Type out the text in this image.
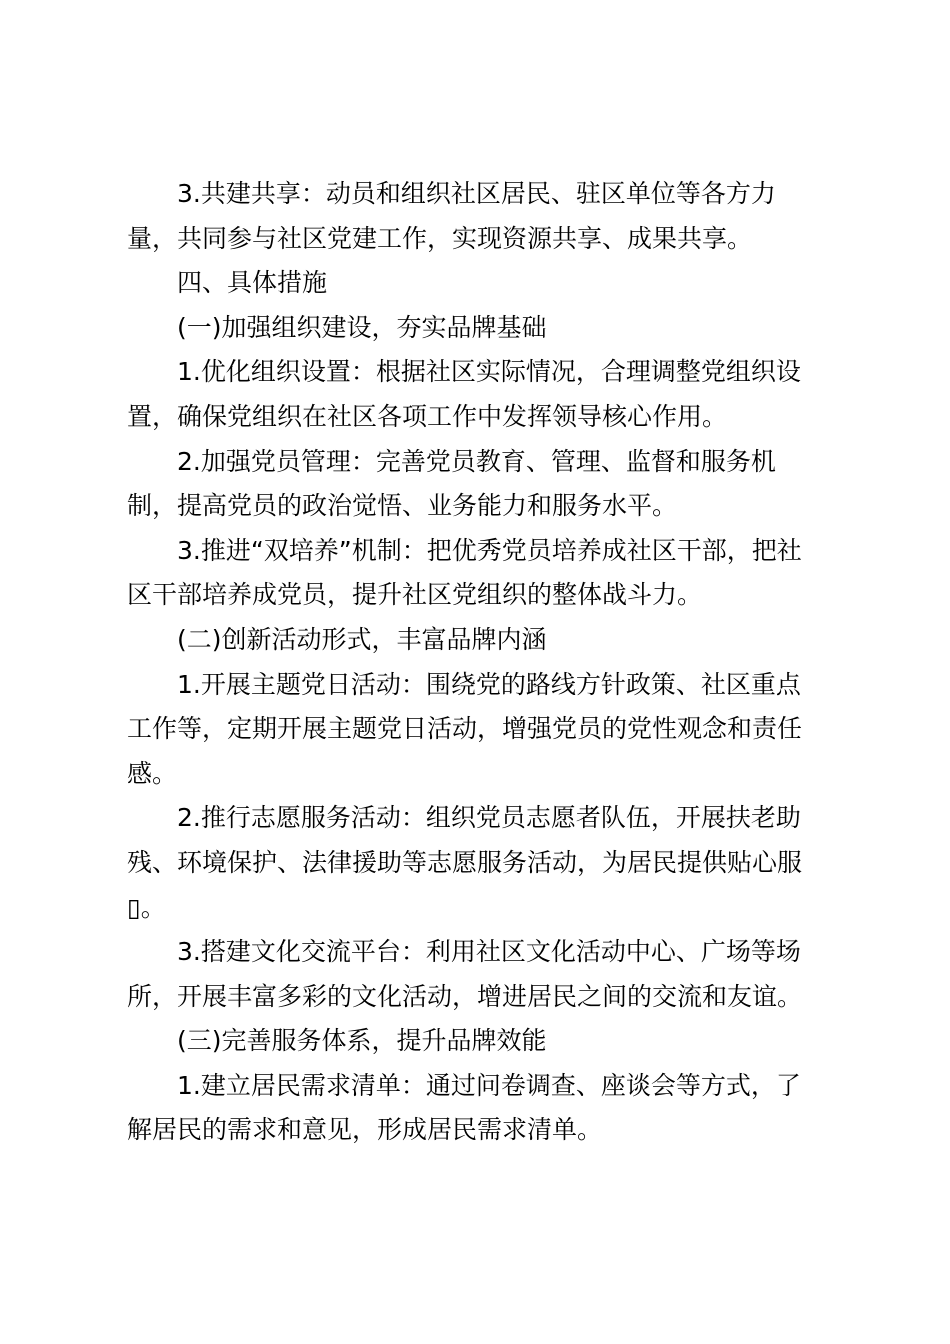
3.共建共享：动员和组织社区居民、驻区单位等各方力量，共同参与社区党建工作，实现资源共享、成果共享。

四、具体措施

(一)加强组织建设，夯实品牌基础

1.优化组织设置：根据社区实际情况，合理调整党组织设置，确保党组织在社区各项工作中发挥领导核心作用。

2.加强党员管理：完善党员教育、管理、监督和服务机制，提高党员的政治觉悟、业务能力和服务水平。

3.推进“双培养”机制：把优秀党员培养成社区干部，把社区干部培养成党员，提升社区党组织的整体战斗力。

(二)创新活动形式，丰富品牌内涵

1.开展主题党日活动：围绕党的路线方针政策、社区重点工作等，定期开展主题党日活动，增强党员的党性观念和责任感。

2.推行志愿服务活动：组织党员志愿者队伍，开展扶老助残、环境保护、法律援助等志愿服务活动，为居民提供贴心服▯。

3.搭建文化交流平台：利用社区文化活动中心、广场等场所，开展丰富多彩的文化活动，增进居民之间的交流和友谊。

(三)完善服务体系，提升品牌效能

1.建立居民需求清单：通过问卷调查、座谈会等方式，了解居民的需求和意见，形成居民需求清单。
